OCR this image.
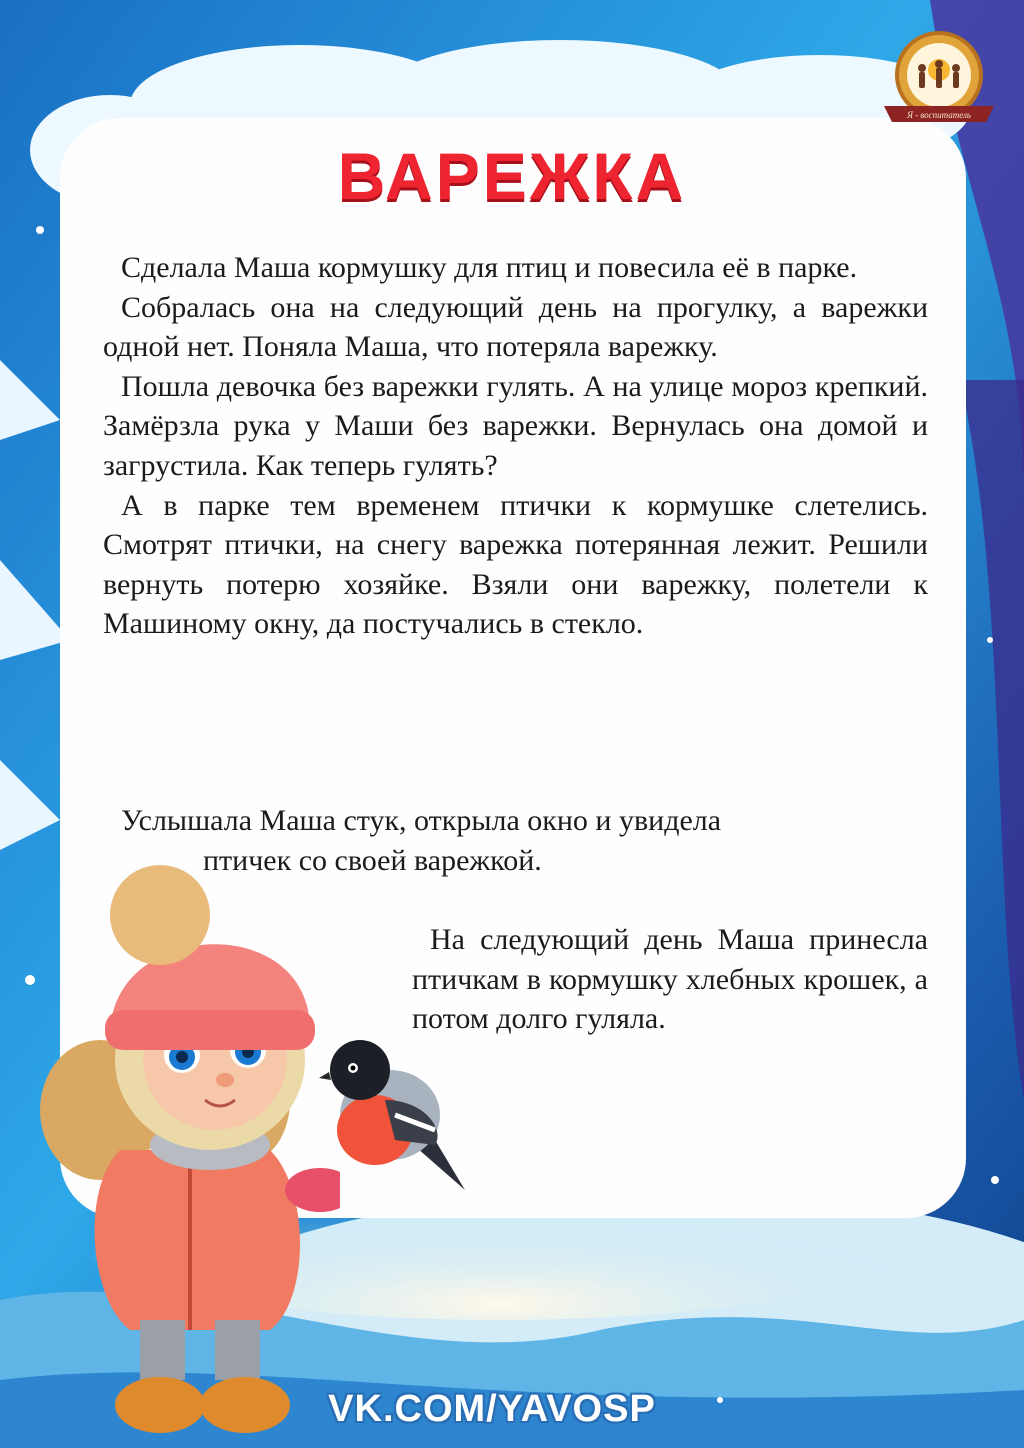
Я - воспитатель
ВАРЕЖКА

Сделала Маша кормушку для птиц и повесила её в парке.

Собралась она на следующий день на прогулку, а варежки одной нет. Поняла Маша, что потеряла варежку.

Пошла девочка без варежки гулять. А на улице мороз крепкий. Замёрзла рука у Маши без варежки. Вернулась она домой и загрустила. Как теперь гулять?

А в парке тем временем птички к кормушке слетелись. Смотрят птички, на снегу варежка потерянная лежит. Решили вернуть потерю хозяйке. Взяли они варежку, полетели к Машиному окну, да постучались в стекло.

Услышала Маша стук, открыла окно и увидела
птичек со своей варежкой.

На следующий день Маша принесла птичкам в кормушку хлебных крошек, а потом долго гуляла.

VK.COM/YAVOSP
